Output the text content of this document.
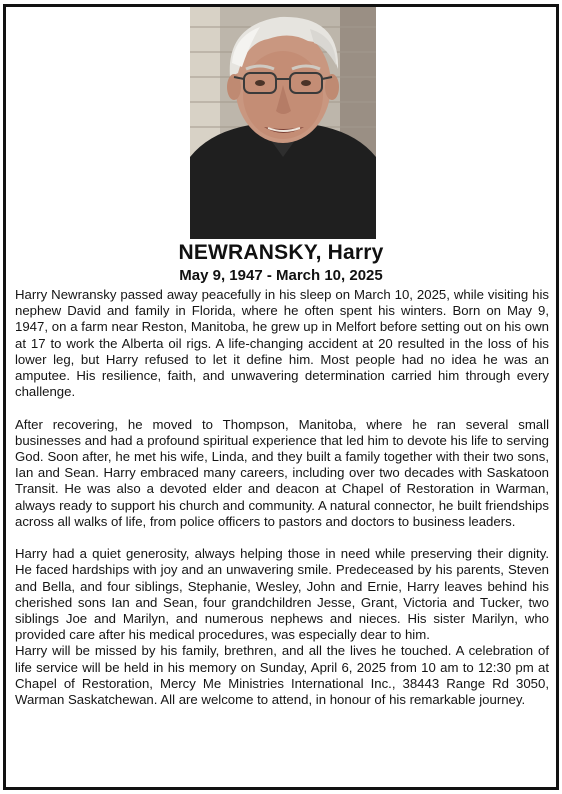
NEWRANSKY, Harry
May 9, 1947 - March 10, 2025

Harry Newransky passed away peacefully in his sleep on March 10, 2025, while visiting his nephew David and family in Florida, where he often spent his winters. Born on May 9, 1947, on a farm near Reston, Manitoba, he grew up in Melfort before setting out on his own at 17 to work the Alberta oil rigs. A life-changing accident at 20 resulted in the loss of his lower leg, but Harry refused to let it define him. Most people had no idea he was an amputee. His resilience, faith, and unwavering determination carried him through every challenge.

After recovering, he moved to Thompson, Manitoba, where he ran several small businesses and had a profound spiritual experience that led him to devote his life to serving God. Soon after, he met his wife, Linda, and they built a family together with their two sons, Ian and Sean. Harry embraced many careers, including over two decades with Saskatoon Transit. He was also a devoted elder and deacon at Chapel of Restoration in Warman, always ready to support his church and community. A natural connector, he built friendships across all walks of life, from police officers to pastors and doctors to business leaders.

Harry had a quiet generosity, always helping those in need while preserving their dignity. He faced hardships with joy and an unwavering smile. Predeceased by his parents, Steven and Bella, and four siblings, Stephanie, Wesley, John and Ernie, Harry leaves behind his cherished sons Ian and Sean, four grandchildren Jesse, Grant, Victoria and Tucker, two siblings Joe and Marilyn, and numerous nephews and nieces. His sister Marilyn, who provided care after his medical procedures, was especially dear to him.

Harry will be missed by his family, brethren, and all the lives he touched. A celebration of life service will be held in his memory on Sunday, April 6, 2025 from 10 am to 12:30 pm at Chapel of Restoration, Mercy Me Ministries International Inc., 38443 Range Rd 3050, Warman Saskatchewan. All are welcome to attend, in honour of his remarkable journey.
